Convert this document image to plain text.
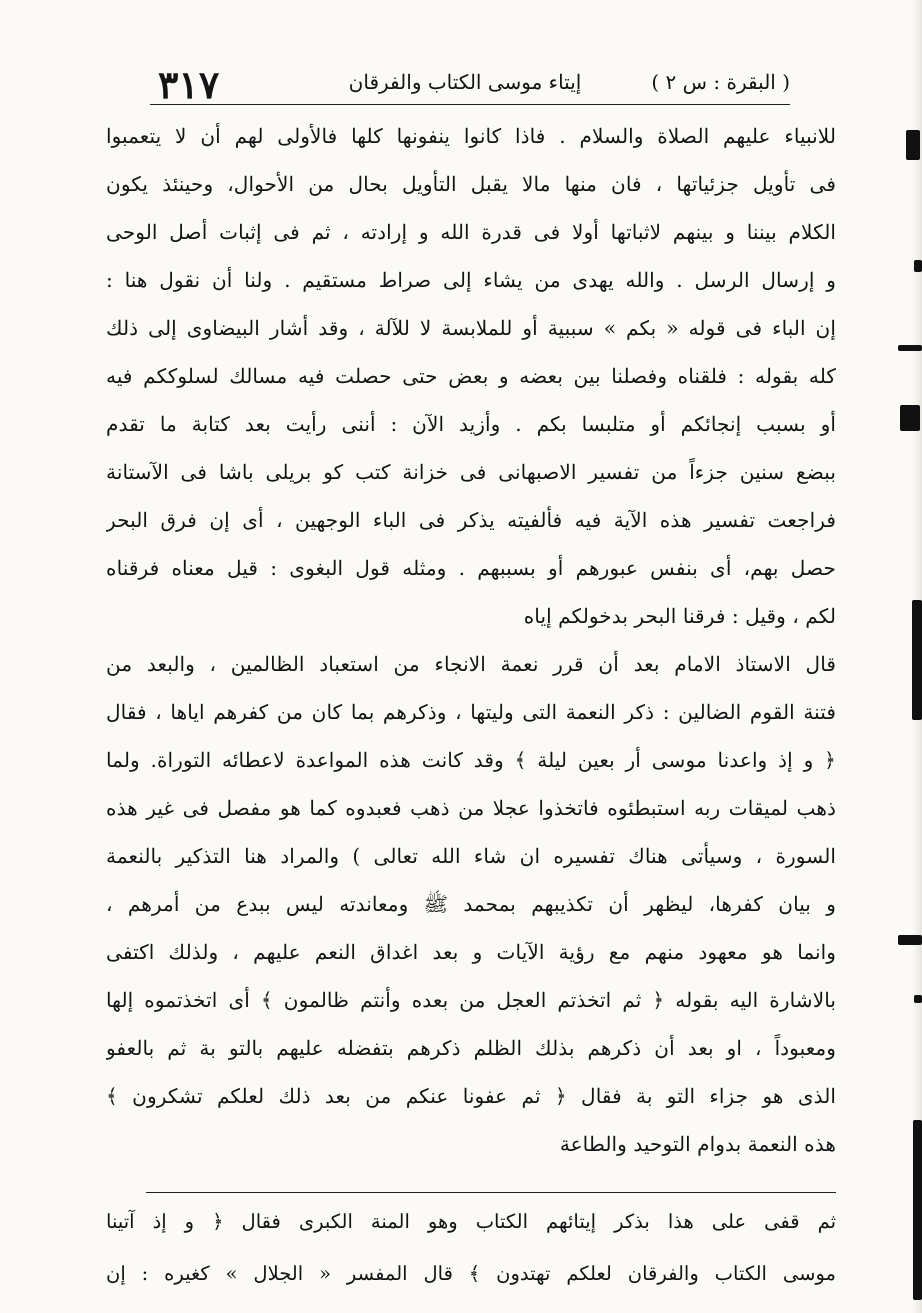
٣١٧	إيتاء موسى الكتاب والفرقان	( البقرة : س ٢ )
للانبياء عليهم الصلاة والسلام . فاذا كانوا ينفونها كلها فالأولى لهم أن لا يتعمبوا
فى تأويل جزئياتها ، فان منها مالا يقبل التأويل بحال من الأحوال، وحينئذ يكون
الكلام بيننا و بينهم لاثباتها أولا فى قدرة الله و إرادته ، ثم فى إثبات أصل الوحى
و إرسال الرسل . والله يهدى من يشاء إلى صراط مستقيم . ولنا أن نقول هنا :
إن الباء فى قوله « بكم » سببية أو للملابسة لا للآلة ، وقد أشار البيضاوى إلى ذلك
كله بقوله : فلقناه وفصلنا بين بعضه و بعض حتى حصلت فيه مسالك لسلوككم فيه
أو بسبب إنجائكم أو متلبسا بكم . وأزيد الآن : أننى رأيت بعد كتابة ما تقدم
ببضع سنين جزءاً من تفسير الاصبهانى فى خزانة كتب كو بريلى باشا فى الآستانة
فراجعت تفسير هذه الآية فيه فألفيته يذكر فى الباء الوجهين ، أى إن فرق البحر
حصل بهم، أى بنفس عبورهم أو بسببهم . ومثله قول البغوى : قيل معناه فرقناه
لكم ، وقيل : فرقنا البحر بدخولكم إياه
قال الاستاذ الامام بعد أن قرر نعمة الانجاء من استعباد الظالمين ، والبعد من
فتنة القوم الضالين : ذكر النعمة التى وليتها ، وذكرهم بما كان من كفرهم اياها ، فقال
﴿ و إذ واعدنا موسى أر بعين ليلة ﴾ وقد كانت هذه المواعدة لاعطائه التوراة. ولما
ذهب لميقات ربه استبطئوه فاتخذوا عجلا من ذهب فعبدوه كما هو مفصل فى غير هذه
السورة ، وسيأتى هناك تفسيره ان شاء الله تعالى ) والمراد هنا التذكير بالنعمة
و بيان كفرها، ليظهر أن تكذيبهم بمحمد ﷺ ومعاندته ليس ببدع من أمرهم ،
وانما هو معهود منهم مع رؤية الآيات و بعد اغداق النعم عليهم ، ولذلك اكتفى
بالاشارة اليه بقوله ﴿ ثم اتخذتم العجل من بعده وأنتم ظالمون ﴾ أى اتخذتموه إلها
ومعبوداً ، او بعد أن ذكرهم بذلك الظلم ذكرهم بتفضله عليهم بالتو بة ثم بالعفو
الذى هو جزاء التو بة فقال ﴿ ثم عفونا عنكم من بعد ذلك لعلكم تشكرون ﴾
هذه النعمة بدوام التوحيد والطاعة
ثم قفى على هذا بذكر إيتائهم الكتاب وهو المنة الكبرى فقال ﴿ و إذ آتينا
موسى الكتاب والفرقان لعلكم تهتدون ﴾ قال المفسر « الجلال » كغيره : إن
